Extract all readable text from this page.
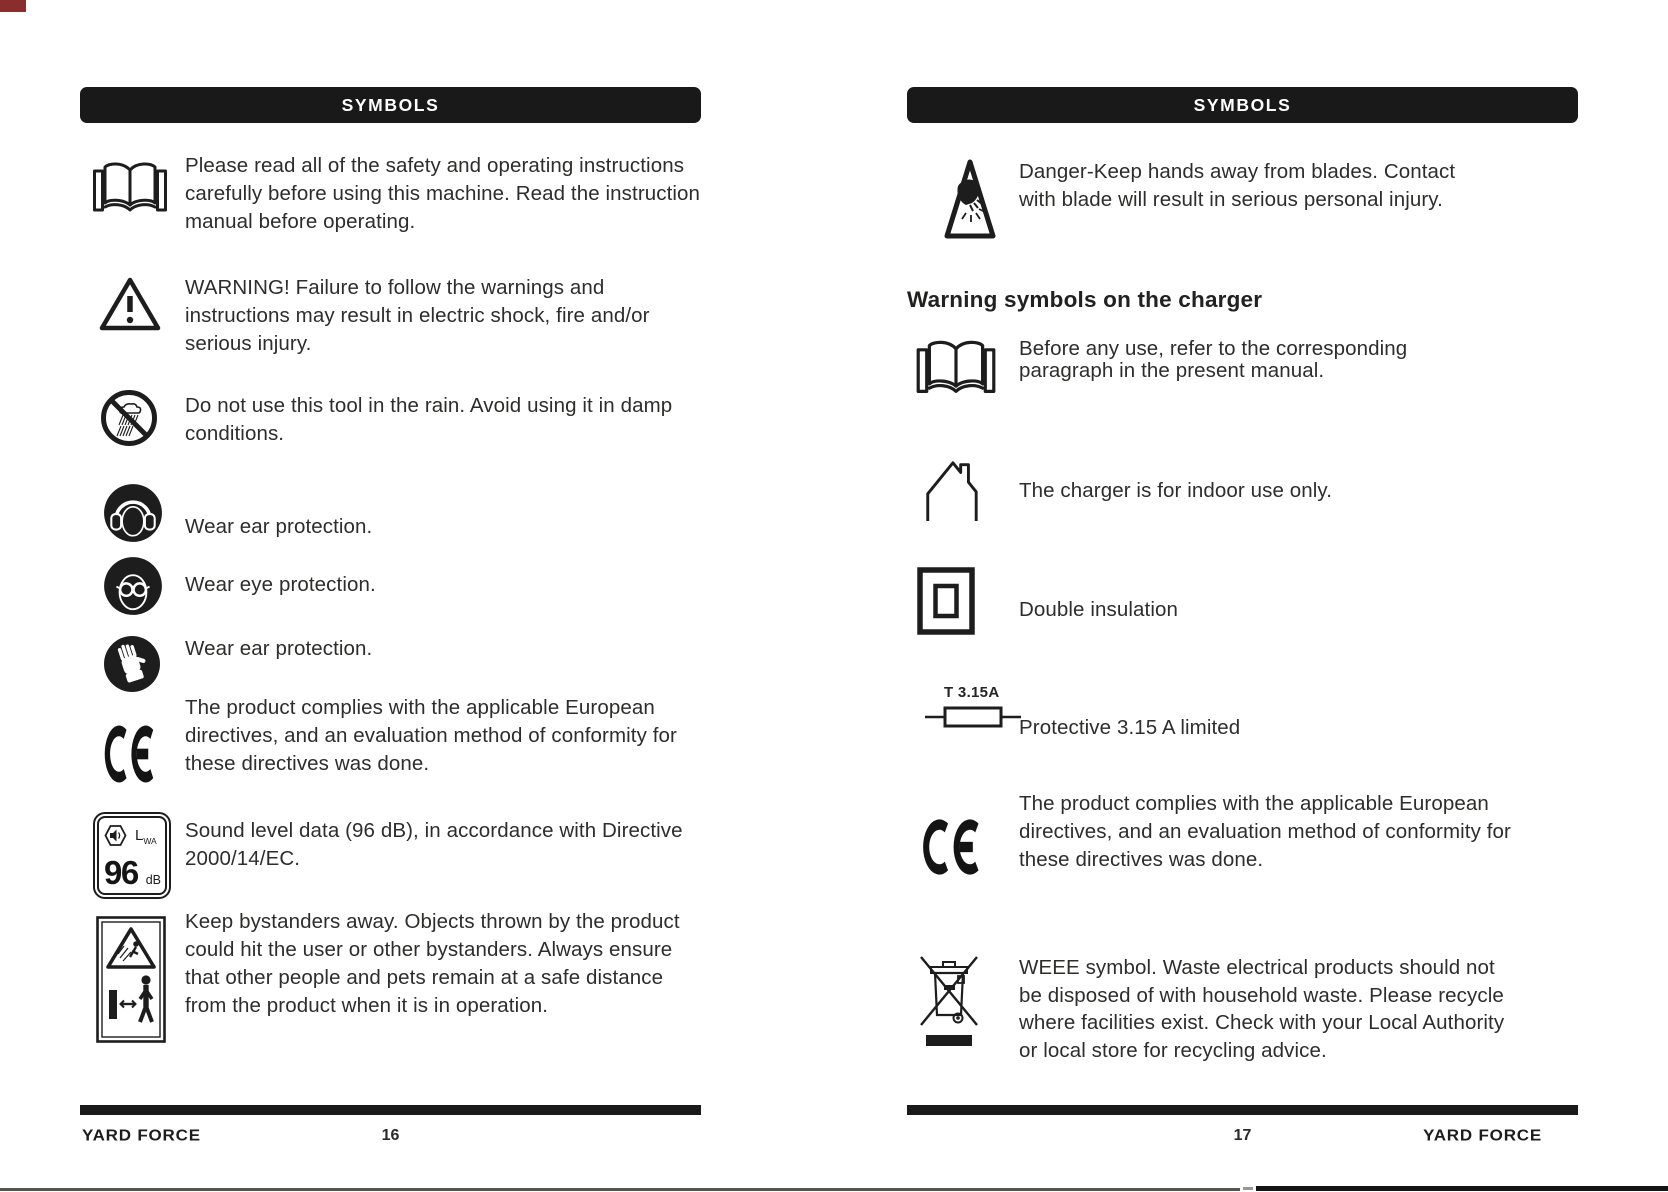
SYMBOLS
Please read all of the safety and operating instructions carefully before using this machine. Read the instruction manual before operating.
WARNING! Failure to follow the warnings and instructions may result in electric shock, fire and/or serious injury.
Do not use this tool in the rain. Avoid using it in damp conditions.
Wear ear protection.
Wear eye protection.
Wear ear protection.
The product complies with the applicable European directives, and an evaluation method of conformity for these directives was done.
$L_{WA}$
96 dB
Sound level data (96 dB), in accordance with Directive 2000/14/EC.
Keep bystanders away. Objects thrown by the product could hit the user or other bystanders. Always ensure that other people and pets remain at a safe distance from the product when it is in operation.
YARD FORCE	16
SYMBOLS
Danger-Keep hands away from blades. Contact with blade will result in serious personal injury.
Warning symbols on the charger
Before any use, refer to the corresponding paragraph in the present manual.
The charger is for indoor use only.
Double insulation
T 3.15A
Protective 3.15 A limited
The product complies with the applicable European directives, and an evaluation method of conformity for these directives was done.
WEEE symbol. Waste electrical products should not be disposed of with household waste. Please recycle where facilities exist. Check with your Local Authority or local store for recycling advice.
17	YARD FORCE
